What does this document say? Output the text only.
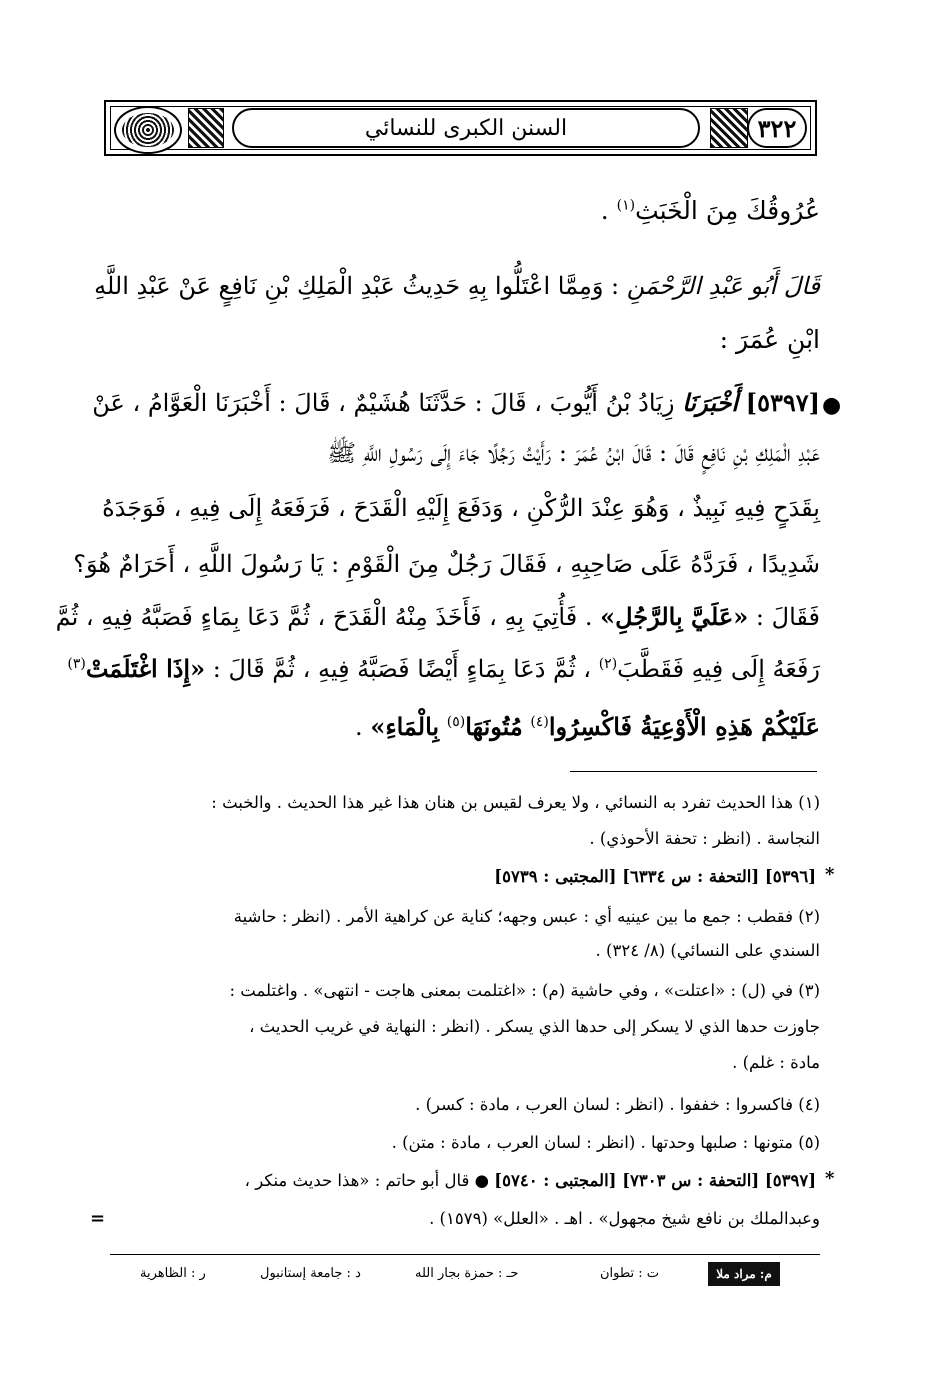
السنن الكبرى للنسائي	٣٢٢
عُرُوقُكَ مِنَ الْخَبَثِ$^{(١)}$ .
قَالَ أَبُو عَبْدِ الرَّحْمَنِ : وَمِمَّا اعْتَلُّوا بِهِ حَدِيثُ عَبْدِ الْمَلِكِ بْنِ نَافِعٍ عَنْ عَبْدِ اللَّهِ
ابْنِ عُمَرَ :
●
[٥٣٩٧] أَخْبَرَنَا زِيَادُ بْنُ أَيُّوبَ ، قَالَ : حَدَّثَنَا هُشَيْمٌ ، قَالَ : أَخْبَرَنَا الْعَوَّامُ ، عَنْ
عَبْدِ الْمَلِكِ بْنِ نَافِعٍ قَالَ : قَالَ ابْنُ عُمَرَ : رَأَيْتُ رَجُلًا جَاءَ إِلَى رَسُولِ اللَّهِ ﷺ
بِقَدَحٍ فِيهِ نَبِيذٌ ، وَهُوَ عِنْدَ الرُّكْنِ ، وَدَفَعَ إِلَيْهِ الْقَدَحَ ، فَرَفَعَهُ إِلَى فِيهِ ، فَوَجَدَهُ
شَدِيدًا ، فَرَدَّهُ عَلَى صَاحِبِهِ ، فَقَالَ رَجُلٌ مِنَ الْقَوْمِ : يَا رَسُولَ اللَّهِ ، أَحَرَامٌ هُوَ؟
فَقَالَ : «عَلَيَّ بِالرَّجُلِ» . فَأُتِيَ بِهِ ، فَأَخَذَ مِنْهُ الْقَدَحَ ، ثُمَّ دَعَا بِمَاءٍ فَصَبَّهُ فِيهِ ، ثُمَّ
رَفَعَهُ إِلَى فِيهِ فَقَطَّبَ$^{(٢)}$ ، ثُمَّ دَعَا بِمَاءٍ أَيْضًا فَصَبَّهُ فِيهِ ، ثُمَّ قَالَ : «إِذَا اغْتَلَمَتْ$^{(٣)}$
عَلَيْكُمْ هَذِهِ الْأَوْعِيَةُ فَاكْسِرُوا$^{(٤)}$ مُتُونَهَا$^{(٥)}$ بِالْمَاءِ» .
(١) هذا الحديث تفرد به النسائي ، ولا يعرف لقيس بن هنان هذا غير هذا الحديث . والخبث :
النجاسة . (انظر : تحفة الأحوذي) .
*
[٥٣٩٦] [التحفة : س ٦٣٣٤] [المجتبى : ٥٧٣٩]
(٢) فقطب : جمع ما بين عينيه أي : عبس وجهه؛ كناية عن كراهية الأمر . (انظر : حاشية
السندي على النسائي) (٨/ ٣٢٤) .
(٣) في (ل) : «اعتلت» ، وفي حاشية (م) : «اغتلمت بمعنى هاجت - انتهى» . واغتلمت :
جاوزت حدها الذي لا يسكر إلى حدها الذي يسكر . (انظر : النهاية في غريب الحديث ،
مادة : غلم) .
(٤) فاكسروا : خففوا . (انظر : لسان العرب ، مادة : كسر) .
(٥) متونها : صلبها وحدتها . (انظر : لسان العرب ، مادة : متن) .
*
[٥٣٩٧] [التحفة : س ٧٣٠٣] [المجتبى : ٥٧٤٠] ● قال أبو حاتم : «هذا حديث منكر ،
وعبدالملك بن نافع شيخ مجهول» . اهـ . «العلل» (١٥٧٩) .
=
م: مراد ملا
ت : تطوان
حـ : حمزة بجار الله
د : جامعة إستانبول
ر : الظاهرية
